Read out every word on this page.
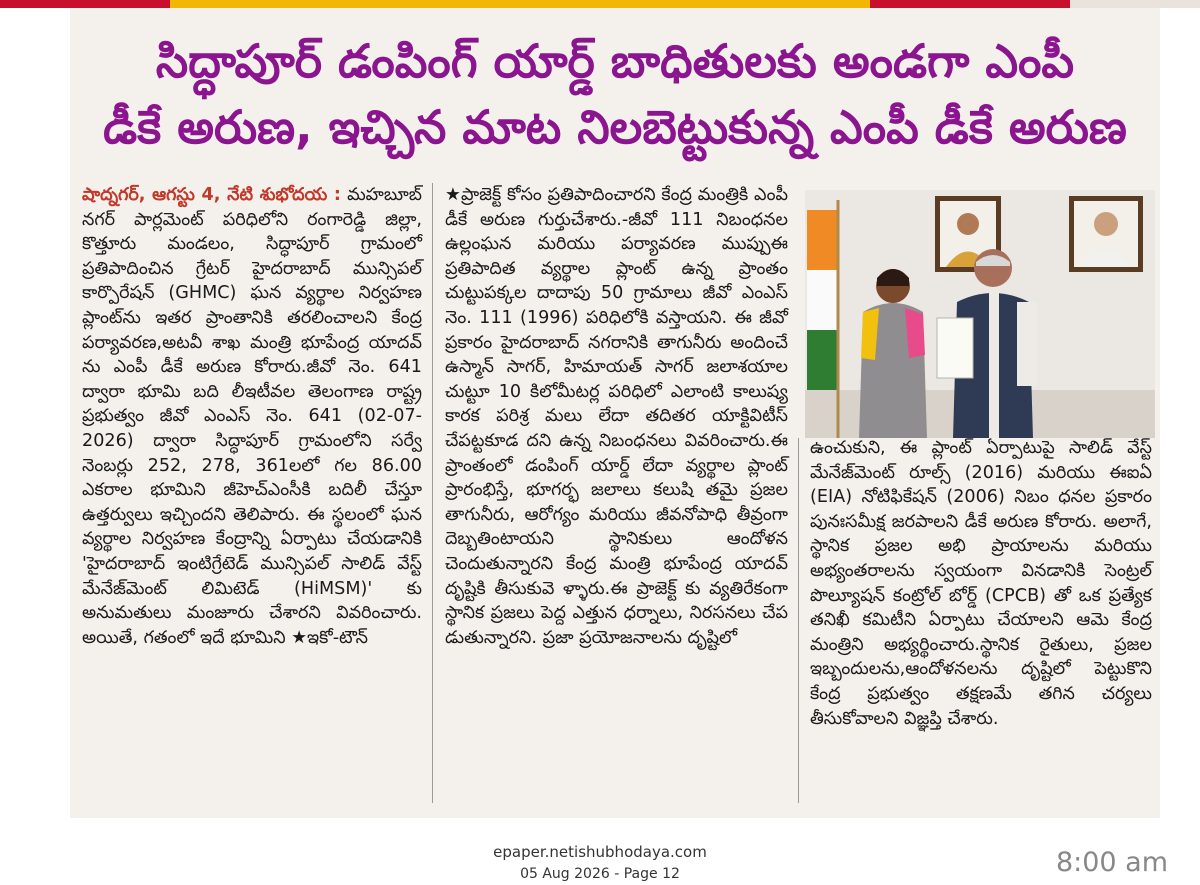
సిద్ధాపూర్ డంపింగ్ యార్డ్ బాధితులకు అండగా ఎంపీ
డీకే అరుణ, ఇచ్చిన మాట నిలబెట్టుకున్న ఎంపీ డీకే అరుణ

షాద్నగర్, ఆగస్టు 4, నేటి శుభోదయ : మహబూబ్ నగర్ పార్లమెంట్ పరిధిలోని రంగారెడ్డి జిల్లా, కొత్తూరు మండలం, సిద్ధాపూర్ గ్రామంలో ప్రతిపాదించిన గ్రేటర్ హైదరాబాద్ మున్సిపల్ కార్పొరేషన్ (GHMC) ఘన వ్యర్థాల నిర్వహణ ప్లాంట్‌ను ఇతర ప్రాంతానికి తరలించాలని కేంద్ర పర్యావరణ,అటవీ శాఖ మంత్రి భూపేంద్ర యాదవ్ ను ఎంపీ డీకే అరుణ కోరారు.జీవో నెం. 641 ద్వారా భూమి బది లీఇటీవల తెలంగాణ రాష్ట్ర ప్రభుత్వం జీవో ఎంఎస్ నెం. 641 (02-07-2026) ద్వారా సిద్ధాపూర్ గ్రామంలోని సర్వే నెంబర్లు 252, 278, 361లలో గల 86.00 ఎకరాల భూమిని జీహెచ్ఎంసీకి బదిలీ చేస్తూ ఉత్తర్వులు ఇచ్చిందని తెలిపారు. ఈ స్థలంలో ఘన వ్యర్థాల నిర్వహణ కేంద్రాన్ని ఏర్పాటు చేయడానికి 'హైదరాబాద్ ఇంటిగ్రేటెడ్ మున్సిపల్ సాలిడ్ వేస్ట్ మేనేజ్‌మెంట్ లిమిటెడ్ (HiMSM)' కు అనుమతులు మంజూరు చేశారని వివరించారు. అయితే, గతంలో ఇదే భూమిని ★ఇకో-టౌన్

★ప్రాజెక్ట్ కోసం ప్రతిపాదించారని కేంద్ర మంత్రికి ఎంపీ డీకే అరుణ గుర్తుచేశారు.-జీవో 111 నిబంధనల ఉల్లంఘన మరియు పర్యావరణ ముప్పుఈ ప్రతిపాదిత వ్యర్థాల ప్లాంట్ ఉన్న ప్రాంతం చుట్టుపక్కల దాదాపు 50 గ్రామాలు జీవో ఎంఎస్ నెం. 111 (1996) పరిధిలోకి వస్తాయని. ఈ జీవో ప్రకారం హైదరాబాద్ నగరానికి తాగునీరు అందించే ఉస్మాన్ సాగర్, హిమాయత్ సాగర్ జలాశయాల చుట్టూ 10 కిలోమీటర్ల పరిధిలో ఎలాంటి కాలుష్య కారక పరిశ్ర మలు లేదా తదితర యాక్టివిటీస్ చేపట్టకూడ దని ఉన్న నిబంధనలు వివరించారు.ఈ ప్రాంతంలో డంపింగ్ యార్డ్ లేదా వ్యర్థాల ప్లాంట్ ప్రారంభిస్తే, భూగర్భ జలాలు కలుషి తమై ప్రజల తాగునీరు, ఆరోగ్యం మరియు జీవనోపాధి తీవ్రంగా దెబ్బతింటాయని స్థానికులు ఆందోళన చెందుతున్నారని కేంద్ర మంత్రి భూపేంద్ర యాదవ్ దృష్టికి తీసుకువె ళ్ళారు.ఈ ప్రాజెక్ట్ కు వ్యతిరేకంగా స్థానిక ప్రజలు పెద్ద ఎత్తున ధర్నాలు, నిరసనలు చేప డుతున్నారని. ప్రజా ప్రయోజనాలను దృష్టిలో

ఉంచుకుని, ఈ ప్లాంట్ ఏర్పాటుపై సాలిడ్ వేస్ట్ మేనేజ్‌మెంట్ రూల్స్ (2016) మరియు ఈఐఏ (EIA) నోటిఫికేషన్ (2006) నిబం ధనల ప్రకారం పునఃసమీక్ష జరపాలని డీకే అరుణ కోరారు. అలాగే, స్థానిక ప్రజల అభి ప్రాయాలను మరియు అభ్యంతరాలను స్వయంగా వినడానికి సెంట్రల్ పొల్యూషన్ కంట్రోల్ బోర్డ్ (CPCB) తో ఒక ప్రత్యేక తనిఖీ కమిటీని ఏర్పాటు చేయాలని ఆమె కేంద్ర మంత్రిని అభ్యర్థించారు.స్థానిక రైతులు, ప్రజల ఇబ్బందులను,ఆందోళనలను దృష్టిలో పెట్టుకొని కేంద్ర ప్రభుత్వం తక్షణమే తగిన చర్యలు తీసుకోవాలని విజ్ఞప్తి చేశారు.

epaper.netishubhodaya.com
05 Aug 2026 - Page 12	8:00 am
